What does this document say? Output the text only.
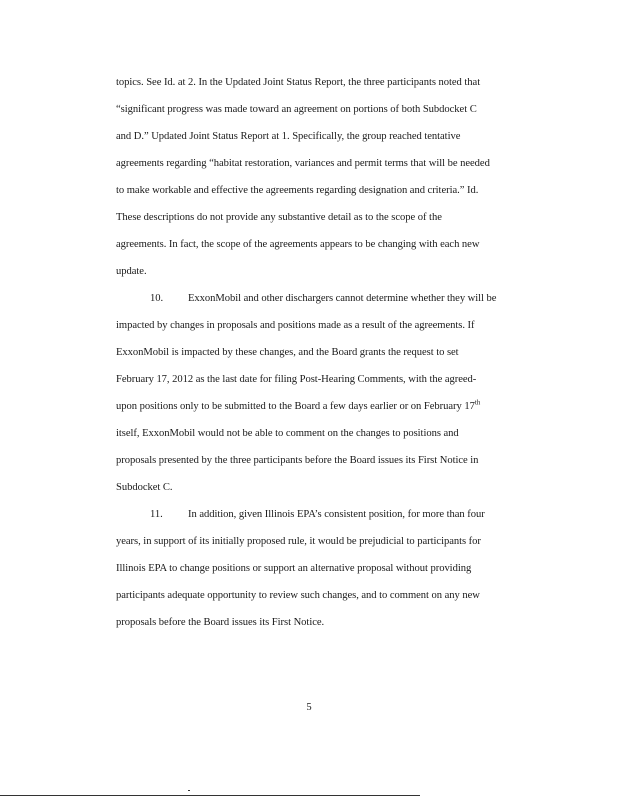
topics. See Id. at 2. In the Updated Joint Status Report, the three participants noted that
“significant progress was made toward an agreement on portions of both Subdocket C
and D.” Updated Joint Status Report at 1. Specifically, the group reached tentative
agreements regarding “habitat restoration, variances and permit terms that will be needed
to make workable and effective the agreements regarding designation and criteria.” Id.
These descriptions do not provide any substantive detail as to the scope of the
agreements. In fact, the scope of the agreements appears to be changing with each new
update.
10. ExxonMobil and other dischargers cannot determine whether they will be
impacted by changes in proposals and positions made as a result of the agreements. If
ExxonMobil is impacted by these changes, and the Board grants the request to set
February 17, 2012 as the last date for filing Post-Hearing Comments, with the agreed-
upon positions only to be submitted to the Board a few days earlier or on February 17th
itself, ExxonMobil would not be able to comment on the changes to positions and
proposals presented by the three participants before the Board issues its First Notice in
Subdocket C.
11. In addition, given Illinois EPA’s consistent position, for more than four
years, in support of its initially proposed rule, it would be prejudicial to participants for
Illinois EPA to change positions or support an alternative proposal without providing
participants adequate opportunity to review such changes, and to comment on any new
proposals before the Board issues its First Notice.
5
